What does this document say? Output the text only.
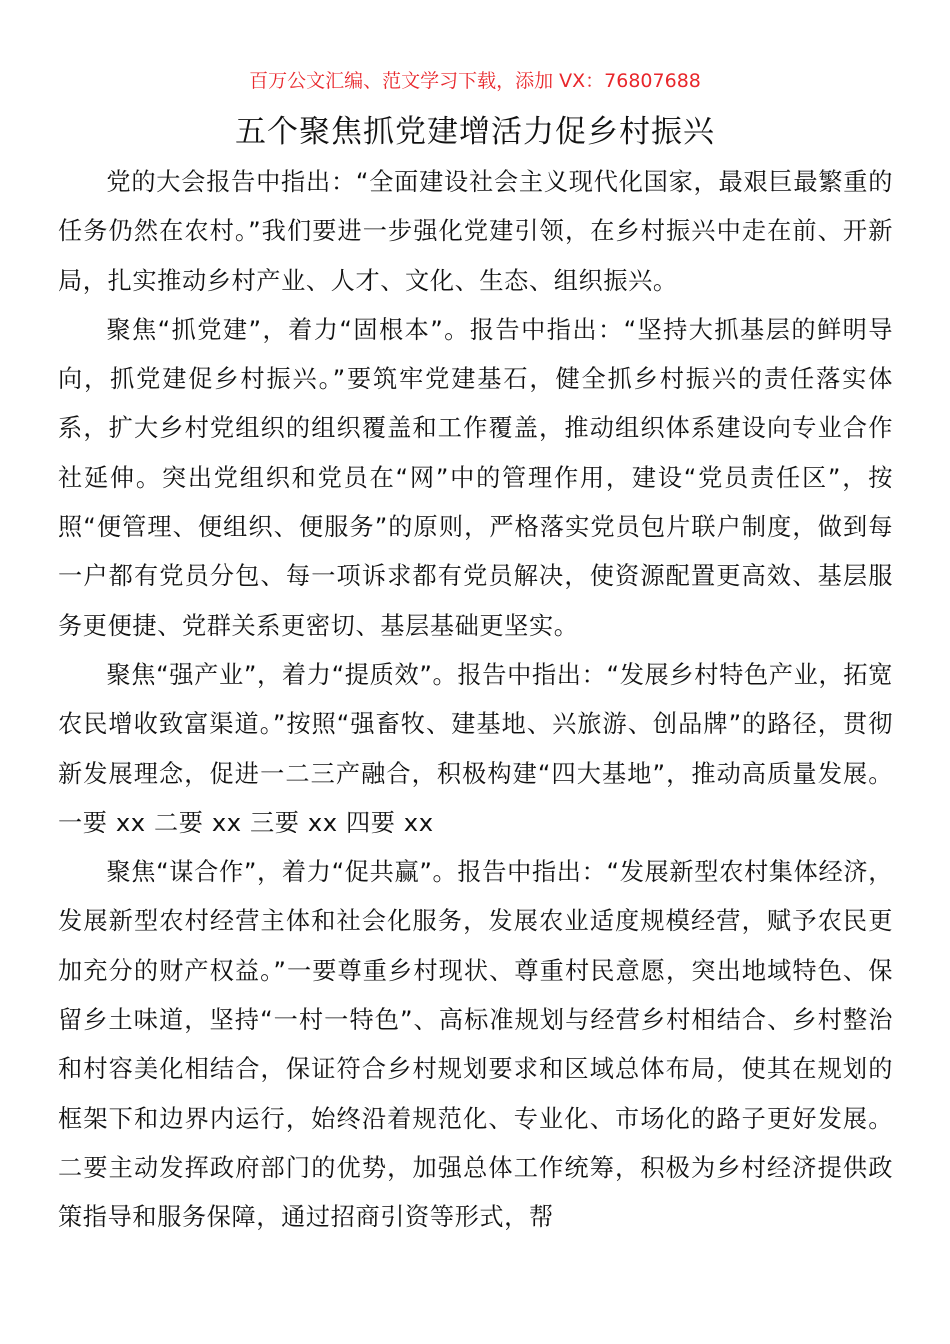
百万公文汇编、范文学习下载，添加 VX：76807688
五个聚焦抓党建增活力促乡村振兴

党的大会报告中指出：“全面建设社会主义现代化国家，最艰巨最繁重的任务仍然在农村。”我们要进一步强化党建引领，在乡村振兴中走在前、开新局，扎实推动乡村产业、人才、文化、生态、组织振兴。

聚焦“抓党建”，着力“固根本”。报告中指出：“坚持大抓基层的鲜明导向，抓党建促乡村振兴。”要筑牢党建基石，健全抓乡村振兴的责任落实体系，扩大乡村党组织的组织覆盖和工作覆盖，推动组织体系建设向专业合作社延伸。突出党组织和党员在“网”中的管理作用，建设“党员责任区”，按照“便管理、便组织、便服务”的原则，严格落实党员包片联户制度，做到每一户都有党员分包、每一项诉求都有党员解决，使资源配置更高效、基层服务更便捷、党群关系更密切、基层基础更坚实。

聚焦“强产业”，着力“提质效”。报告中指出：“发展乡村特色产业，拓宽农民增收致富渠道。”按照“强畜牧、建基地、兴旅游、创品牌”的路径，贯彻新发展理念，促进一二三产融合，积极构建“四大基地”，推动高质量发展。一要 xx 二要 xx 三要 xx 四要 xx

聚焦“谋合作”，着力“促共赢”。报告中指出：“发展新型农村集体经济，发展新型农村经营主体和社会化服务，发展农业适度规模经营，赋予农民更加充分的财产权益。”一要尊重乡村现状、尊重村民意愿，突出地域特色、保留乡土味道，坚持“一村一特色”、高标准规划与经营乡村相结合、乡村整治和村容美化相结合，保证符合乡村规划要求和区域总体布局，使其在规划的框架下和边界内运行，始终沿着规范化、专业化、市场化的路子更好发展。二要主动发挥政府部门的优势，加强总体工作统筹，积极为乡村经济提供政策指导和服务保障，通过招商引资等形式，帮
